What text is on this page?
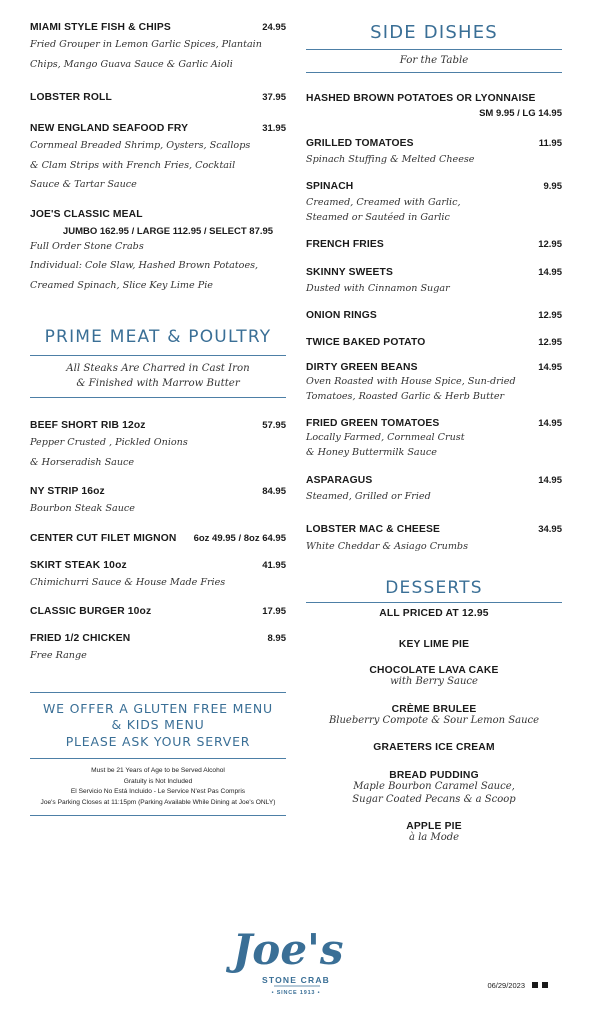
MIAMI STYLE FISH & CHIPS	24.95
Fried Grouper in Lemon Garlic Spices, Plantain
Chips, Mango Guava Sauce & Garlic Aioli
LOBSTER ROLL	37.95
NEW ENGLAND SEAFOOD FRY	31.95
Cornmeal Breaded Shrimp, Oysters, Scallops
& Clam Strips with French Fries, Cocktail
Sauce & Tartar Sauce
JOE'S CLASSIC MEAL
JUMBO 162.95 / LARGE 112.95 / SELECT 87.95
Full Order Stone Crabs
Individual: Cole Slaw, Hashed Brown Potatoes,
Creamed Spinach, Slice Key Lime Pie
PRIME MEAT & POULTRY
All Steaks Are Charred in Cast Iron
& Finished with Marrow Butter
BEEF SHORT RIB 12oz	57.95
Pepper Crusted , Pickled Onions
& Horseradish Sauce
NY STRIP 16oz	84.95
Bourbon Steak Sauce
CENTER CUT FILET MIGNON 6oz 49.95 / 8oz 64.95
SKIRT STEAK 10oz	41.95
Chimichurri Sauce & House Made Fries
CLASSIC BURGER 10oz	17.95
FRIED 1/2 CHICKEN	8.95
Free Range
WE OFFER A GLUTEN FREE MENU
& KIDS MENU
PLEASE ASK YOUR SERVER
Must be 21 Years of Age to be Served Alcohol
Gratuity is Not Included
El Servicio No Está Incluido - Le Service N'est Pas Compris
Joe's Parking Closes at 11:15pm (Parking Available While Dining at Joe's ONLY)
SIDE DISHES
For the Table
HASHED BROWN POTATOES OR LYONNAISE
SM 9.95 / LG 14.95
GRILLED TOMATOES	11.95
Spinach Stuffing & Melted Cheese
SPINACH	9.95
Creamed, Creamed with Garlic,
Steamed or Sautéed in Garlic
FRENCH FRIES	12.95
SKINNY SWEETS	14.95
Dusted with Cinnamon Sugar
ONION RINGS	12.95
TWICE BAKED POTATO	12.95
DIRTY GREEN BEANS	14.95
Oven Roasted with House Spice, Sun-dried
Tomatoes, Roasted Garlic & Herb Butter
FRIED GREEN TOMATOES	14.95
Locally Farmed, Cornmeal Crust
& Honey Buttermilk Sauce
ASPARAGUS	14.95
Steamed, Grilled or Fried
LOBSTER MAC & CHEESE	34.95
White Cheddar & Asiago Crumbs
DESSERTS
ALL PRICED AT 12.95
KEY LIME PIE
CHOCOLATE LAVA CAKE
with Berry Sauce
CRÈME BRULEE
Blueberry Compote & Sour Lemon Sauce
GRAETERS ICE CREAM
BREAD PUDDING
Maple Bourbon Caramel Sauce,
Sugar Coated Pecans & a Scoop
APPLE PIE
à la Mode
Joe's
STONE CRAB
• SINCE 1913 •
06/29/2023
